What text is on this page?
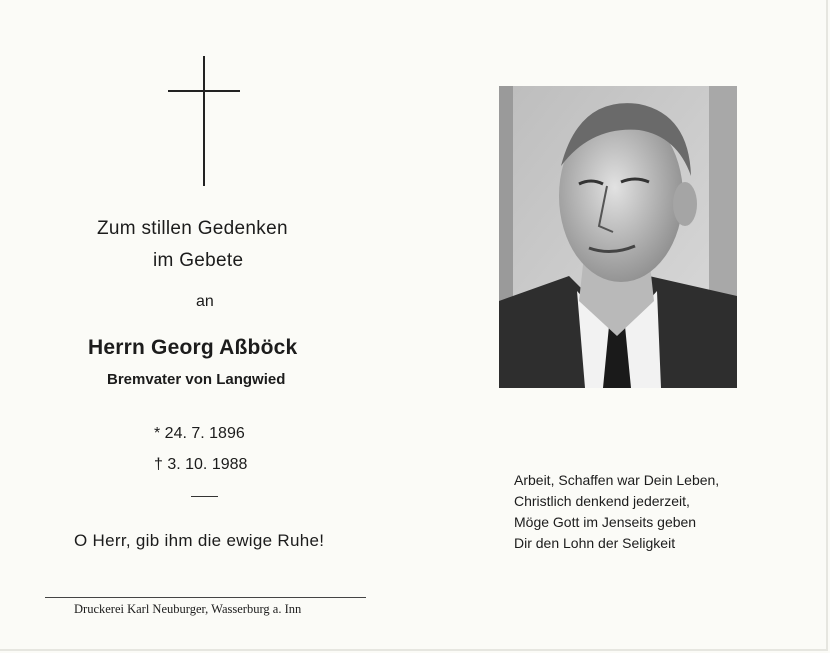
Zum stillen Gedenken
im Gebete
an
Herrn Georg Aßböck
Bremvater von Langwied
* 24. 7. 1896
† 3. 10. 1988
O Herr, gib ihm die ewige Ruhe!
Druckerei Karl Neuburger, Wasserburg a. Inn
Arbeit, Schaffen war Dein Leben,
Christlich denkend jederzeit,
Möge Gott im Jenseits geben
Dir den Lohn der Seligkeit
